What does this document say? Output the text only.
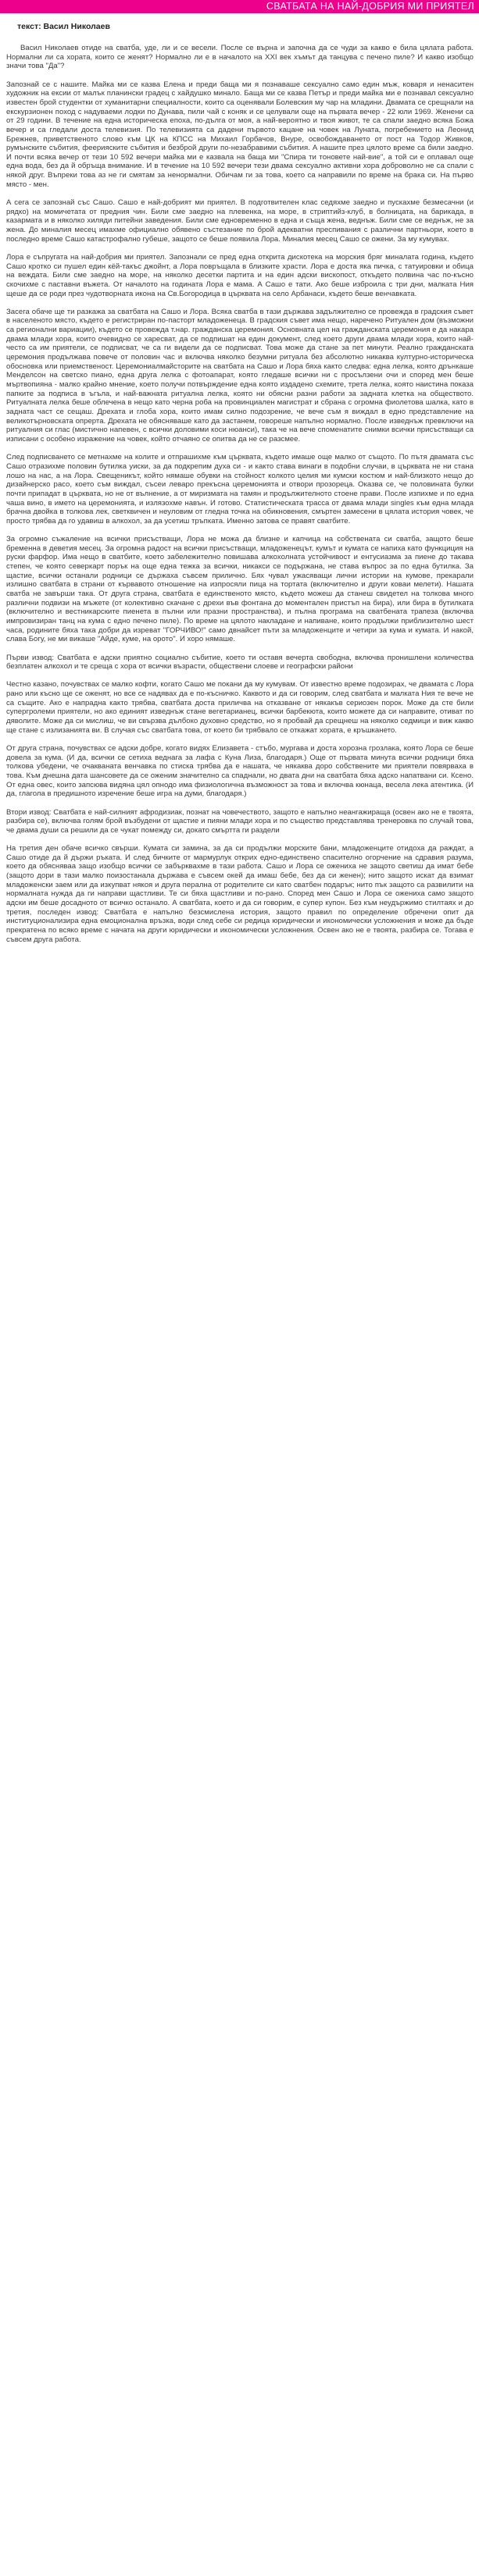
СВАТБАТА НА НАЙ-ДОБРИЯ МИ ПРИЯТЕЛ
текст: Васил Николаев

Васил Николаев отиде на сватба, уде, ли и се весели. После се върна и започна да се чуди за какво е била цялата работа. Нормални ли са хората, които се женят? Нормално ли е в началото на XXI век хъмът да танцува с печено пиле? И какво изобщо значи това "Да"?

Запознай се с нашите. Майка ми се казва Елена и преди баща ми я познаваше сексуално само един мъж, коваря и ненаситен художник на ексии от малък планински градец с хайдушко минало. Баща ми се казва Петър и преди майка ми е познавал сексуално известен брой студентки от хуманитарни специалности, които са оценявали Болевския му чар на младини. Двамата се срещнали на екскурзионен поход с надуваеми лодки по Дунава, пили чай с коняк и се целували още на първата вечер - 22 юли 1969. Женени са от 29 години. В течение на една историческа епоха, по-дълга от моя, а най-вероятно и твоя живот, те са спали заедно всяка Божа вечер и са гледали доста телевизия. По телевизията са дадени първото кацане на човек на Луната, погребението на Леонид Брежнев, приветственото слово към ЦК на КПСС на Михаил Горбачов, Внуре, освобождаването от пост на Тодор Живков, румънските събития, феерияските събития и безброй други по-незабравими събития. А нашите през цялото време са били заедно. И почти всяка вечер от тези 10 592 вечери майка ми е казвала на баща ми "Спира ти тоновете най-вие", а той си е оплавал още една вода, без да й обръща внимание. И в течение на 10 592 вечери тези двама сексуално активни хора доброволно не са спали с някой друг. Въпреки това аз не ги смятам за ненормални. Обичам ги за това, което са направили по време на брака си. На първо място - мен.

А сега се запознай със Сашо. Сашо е най-добрият ми приятел. В подготвителен клас седяхме заедно и пускахме безмесачни (и рядко) на момичетата от предния чин. Били сме заедно на плевенка, на море, в стриптийз-клуб, в болницата, на барикада, в казармата и в няколко хиляди питейни заведения. Били сме едновременно в една и съща жена, веднъж. Били сме се веднъж, не за жена. До миналия месец имахме официално обявено състезание по брой адекватни преспивания с различни партньори, което в последно време Сашо катастрофално губеше, защото се беше появила Лора. Миналия месец Сашо се ожени. За му кумувах.

Лора е съпругата на най-добрия ми приятел. Запознали се пред една открита дискотека на морския бряг миналата година, където Сашо кротко си пушел един кёй-такъс джойнт, а Лора повръщала в близките храсти. Лора е доста яка пичка, с татуировки и обица на веждата. Били сме заедно на море, на няколко десетки партита и на един адски вископост, откъдето полвина час по-късно скочихме с паставни въжета. От началото на годината Лора е мама. А Сашо е тати. Ако беше изброила с три дни, малката Ния щеше да се роди през чудотворната икона на Св.Богородица в църквата на село Арбанаси, където беше венчавката.

Засега обаче ще ти разкажа за сватбата на Сашо и Лора. Всяка сватба в тази държава задължително се провежда в градския съвет в населеното място, където е регистриран по-пасторт младоженеца. В градския съвет има нещо, наречено Ритуален дом (възможни са регионални вариации), където се провежда т.нар. гражданска церемония. Основната цел на гражданската церемония е да накара двама млади хора, които очевидно се харесват, да се подпишат на един документ, след което други двама млади хора, които най-често са им приятели, се подписват, че са ги видели да се подписват. Това може да стане за пет минути. Реално гражданската церемония продължава повече от половин час и включва няколко безумни ритуала без абсолютно никаква културно-историческа обосновка или приемственост. Церемониалмайсторите на сватбата на Сашо и Лора бяха както следва: една лелка, която дрънкаше Менделсон на светско пиано, една друга лелка с фотоапарат, която гледаше всички ни с просълзени очи и според мен беше мъртвопияна - малко крайно мнение, което получи потвърждение една която издадено схемите, трета лелка, която наистина показа папките за подписа в ъгъла, и най-важната ритуална лелка, която ни обясни разни работи за задната клетка на обществото. Ритуалната лелка беше облечена в нещо като черна роба на провинциален магистрат и сбрана с огромна фиолетова шалка, като в задната част се сещаш. Дрехата и глоба хора, които имам силно подозрение, че вече съм я виждал в едно представление на великотърновската опрерта. Дрехата не обясняваше като да застанем, говореше напълно нормално. После изведнъж превключи на ритуалния си глас (мистично напевен, с всички доловими коси нюанси), така че на вече споменатите снимки всички присъстващи са изписани с особено изражение на човек, който отчаяно се опитва да не се разсмее.

След подписването се метнахме на колите и отпрашихме към църквата, където имаше още малко от същото. По пътя двамата със Сашо отразихме половин бутилка уиски, за да подкрепим духа си - и както става винаги в подобни случаи, в църквата не ни стана лошо на нас, а на Лора. Свещеникът, който нямаше обувки на стойност колкото целия ми кумски костюм и най-близкото нещо до дизайнерско расо, което съм виждал, съсеи леваро прекъсна церемонията и отвори прозореца. Оказва се, че половината булки почти припадат в църквата, но не от вълнение, а от миризмата на тамян и продължителното стоене прави. После изпихме и по една чаша вино, в името на церемонията, и излязохме навън. И готово. Статистическата трасса от двама млади singles към една млада брачна двойка в толкова лек, светквичен и неуловим от гледна точка на обикновения, смъртен замесени в цялата история човек, че просто трябва да го удавиш в алкохол, за да усетиш тръпката. Именно затова се правят сватбите.

За огромно съжаление на всички присъстващи, Лора не можа да близне и капчица на собствената си сватба, защото беше бременна в деветия месец. За огромна радост на всички присъстващи, младоженецът, кумът и кумата се напиха като функциция на руски фарфор. Има нещо в сватбите, което забележително повишава алкохолната устойчивост и ентусиазма за пиене до такава степен, че която северкарт порък на още една тежка за всички, никакси се подържана, не става въпрос за по една бутилка. За щастие, всички останали родници се държаха съвсем прилично. Бях чувал ужасяващи лични истории на кумове, прекарали излишно сватбата в страни от кървавото отношение на изпросяли пица на тортата (включително и други коваи мелети). Нашата сватба не завърши така. От друга страна, сватбата е единственото място, където можеш да станеш свидетел на толкова много различни подвизи на мъжете (от колективно скачане с дрехи във фонтана до моментален пристъп на бира), или бира в бутилката (включително и вестникарските пиенета в пълни или празни пространства), и пълна програма на сватбената трапеза (включва импровизиран танц на кума с едно печено пиле). По време на цялото накладане и напиване, които продължи приблизително шест часа, родините бяха така добри да изреват "ГОРЧИВО!" само двнайсет пъти за младоженците и четири за кума и кумата. И накой, слава Богу, не ми викаше "Айде, куме, на орото". И хоро нямаше.

Първи извод: Сватбата е адски приятно социално събитие, което ти оставя вечерта свободна, включва пронишлени количества безплатен алкохол и те среща с хора от всички възрасти, обществени слоеве и географски райони

Честно казано, почувствах се малко кофти, когато Сашо ме покани да му кумувам. От известно време подозирах, че двамата с Лора рано или късно ще се оженят, но все се надявах да е по-късничко. Каквото и да си говорим, след сватбата и малката Ния те вече не са същите. Ако е напрадна както трябва, сватбата доста приличва на отказване от някакъв сериозен порок. Може да сте били супергролеми приятели, но ако единият изведнъж стане вегетарианец, всички барбекюта, които можете да си направите, отиват по дяволите. Може да си мислиш, че ви свързва дълбоко духовно средство, но я пробвай да срещнеш на няколко седмици и виж какво ще стане с излизанията ви. В случая със сватбата това, от което би трябвало се откажат хората, е кръшкането.

От друга страна, почувствах се адски добре, когато видях Елизавета - стъбо, мургава и доста хорозна грозлака, която Лора се беше довела за кума. (И да, всички се сетиха веднага за лафа с Куна Лиза, благодаря.) Още от първата минута всички родници бяха толкова убедени, че очакваната венчавка по стиска трябва да е нашата, че някаква доро собствените ми приятели повярваха в това. Към днешна дата шансовете да се оженим значително са спаднали, но двата дни на сватбата бяха адско напатвани си. Ксено. От една овес, които запсюва видяна цял опнодо има физиологична възможност за това и включва кюнаца, весела лека атентика. (И да, глагола в предишното изречение беше игра на думи, благодаря.)

Втори извод: Сватбата е най-силният афродизиак, познат на човечеството, защото е напълно неангажираща (освен ако не е твоята, разбира се), включва голям брой възбудени от щастие и пияни млади хора и по същество представлява тренеровка по случай това, че двама души са решили да се чукат помежду си, докато смъртта ги раздели

На третия ден обаче всичко свърши. Кумата си замина, за да си продължи морските бани, младоженците отидоха да раждат, а Сашо отиде да й държи ръката. И след бичките от мармурлук открих едно-единствено спасително огорчение на сдравия разума, което да обясняваа защо изобщо всички се забърквахме в тази работа. Сашо и Лора се ожениха не защото светиш да имат бебе (защото дори в тази малко поизостанала държава е съвсем окей да имаш бебе, без да си женен); нито защото искат да взимат младоженски заем или да изкупват някоя и друга перална от родителите си като сватбен подарък; нито пък защото са развилити на нормалната нужда да ги направи щастливи. Те си бяха щастливи и по-рано. Според мен Сашо и Лора се ожениха само защото адски им беше досадното от всичко останало. А сватбата, което и да си говорим, е супер купон. Без към неудържимо стилтаях и до третия, последен извод: Сватбата е напълно безсмислена история, защото правил по определение обречени опит да институционализира една емоционална връзка, води след себе си редица юридически и икономически усложнения и може да бъде прекратена по всяко време с начата на други юридически и икономически усложнения. Освен ако не е твоята, разбира се. Тогава е съвсем друга работа.
